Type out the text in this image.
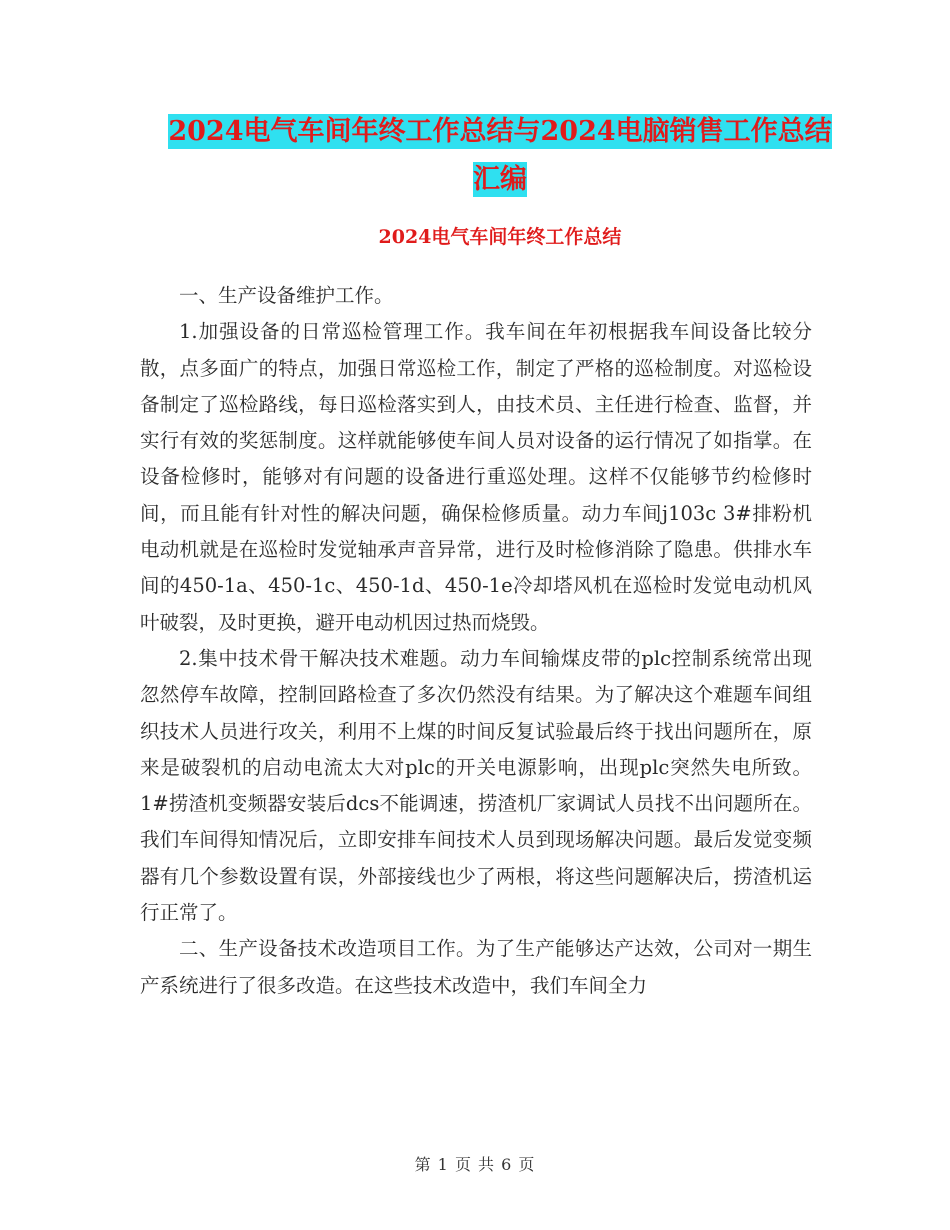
2024电气车间年终工作总结与2024电脑销售工作总结
汇编
2024电气车间年终工作总结

一、生产设备维护工作。

1.加强设备的日常巡检管理工作。我车间在年初根据我车间设备比较分散，点多面广的特点，加强日常巡检工作，制定了严格的巡检制度。对巡检设备制定了巡检路线，每日巡检落实到人，由技术员、主任进行检查、监督，并实行有效的奖惩制度。这样就能够使车间人员对设备的运行情况了如指掌。在设备检修时，能够对有问题的设备进行重巡处理。这样不仅能够节约检修时间，而且能有针对性的解决问题，确保检修质量。动力车间j103c 3#排粉机电动机就是在巡检时发觉轴承声音异常，进行及时检修消除了隐患。供排水车间的450-1a、450-1c、450-1d、450-1e冷却塔风机在巡检时发觉电动机风叶破裂，及时更换，避开电动机因过热而烧毁。

2.集中技术骨干解决技术难题。动力车间输煤皮带的plc控制系统常出现忽然停车故障，控制回路检查了多次仍然没有结果。为了解决这个难题车间组织技术人员进行攻关，利用不上煤的时间反复试验最后终于找出问题所在，原来是破裂机的启动电流太大对plc的开关电源影响，出现plc突然失电所致。1#捞渣机变频器安装后dcs不能调速，捞渣机厂家调试人员找不出问题所在。我们车间得知情况后，立即安排车间技术人员到现场解决问题。最后发觉变频器有几个参数设置有误，外部接线也少了两根，将这些问题解决后，捞渣机运行正常了。

二、生产设备技术改造项目工作。为了生产能够达产达效，公司对一期生产系统进行了很多改造。在这些技术改造中，我们车间全力

第 1 页 共 6 页
